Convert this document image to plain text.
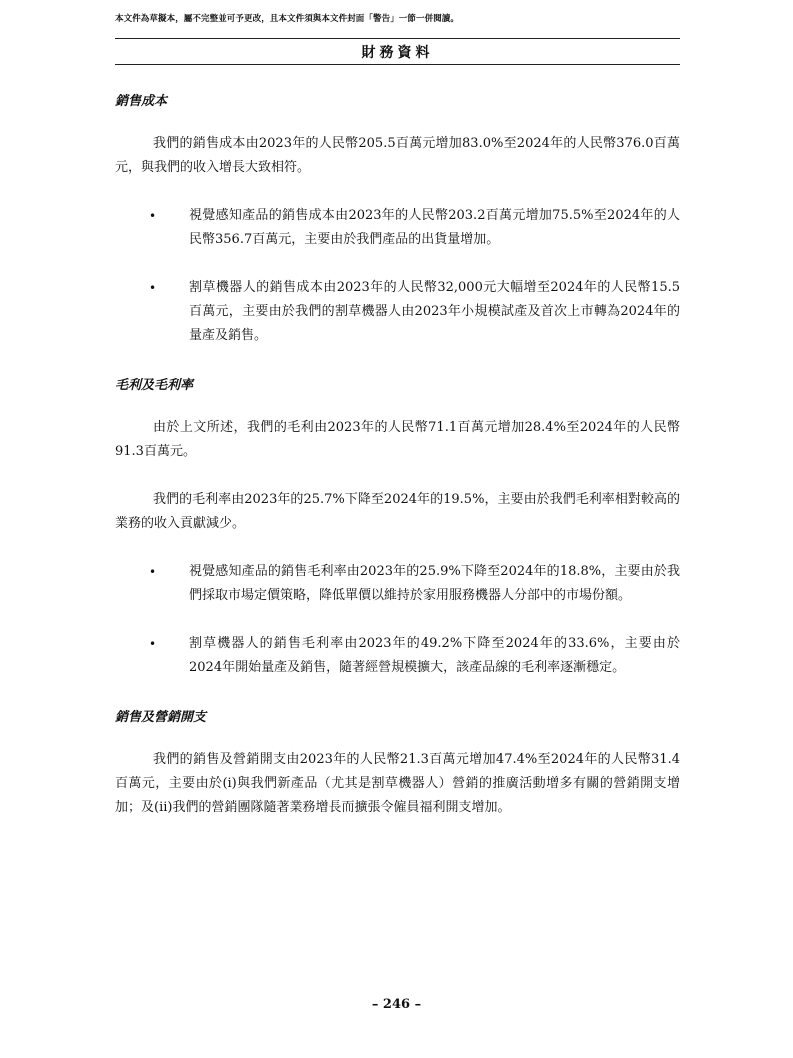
本文件為草擬本，屬不完整並可予更改，且本文件須與本文件封面「警告」一節一併閱讀。
財務資料
銷售成本

我們的銷售成本由2023年的人民幣205.5百萬元增加83.0%至2024年的人民幣376.0百萬元，與我們的收入增長大致相符。

•	視覺感知產品的銷售成本由2023年的人民幣203.2百萬元增加75.5%至2024年的人民幣356.7百萬元，主要由於我們產品的出貨量增加。
•	割草機器人的銷售成本由2023年的人民幣32,000元大幅增至2024年的人民幣15.5百萬元，主要由於我們的割草機器人由2023年小規模試產及首次上市轉為2024年的量產及銷售。
毛利及毛利率

由於上文所述，我們的毛利由2023年的人民幣71.1百萬元增加28.4%至2024年的人民幣91.3百萬元。

我們的毛利率由2023年的25.7%下降至2024年的19.5%，主要由於我們毛利率相對較高的業務的收入貢獻減少。

•	視覺感知產品的銷售毛利率由2023年的25.9%下降至2024年的18.8%，主要由於我們採取市場定價策略，降低單價以維持於家用服務機器人分部中的市場份額。
•	割草機器人的銷售毛利率由2023年的49.2%下降至2024年的33.6%，主要由於2024年開始量產及銷售，隨著經營規模擴大，該產品線的毛利率逐漸穩定。
銷售及營銷開支

我們的銷售及營銷開支由2023年的人民幣21.3百萬元增加47.4%至2024年的人民幣31.4百萬元，主要由於(i)與我們新產品（尤其是割草機器人）營銷的推廣活動增多有關的營銷開支增加；及(ii)我們的營銷團隊隨著業務增長而擴張令僱員福利開支增加。

– 246 –
